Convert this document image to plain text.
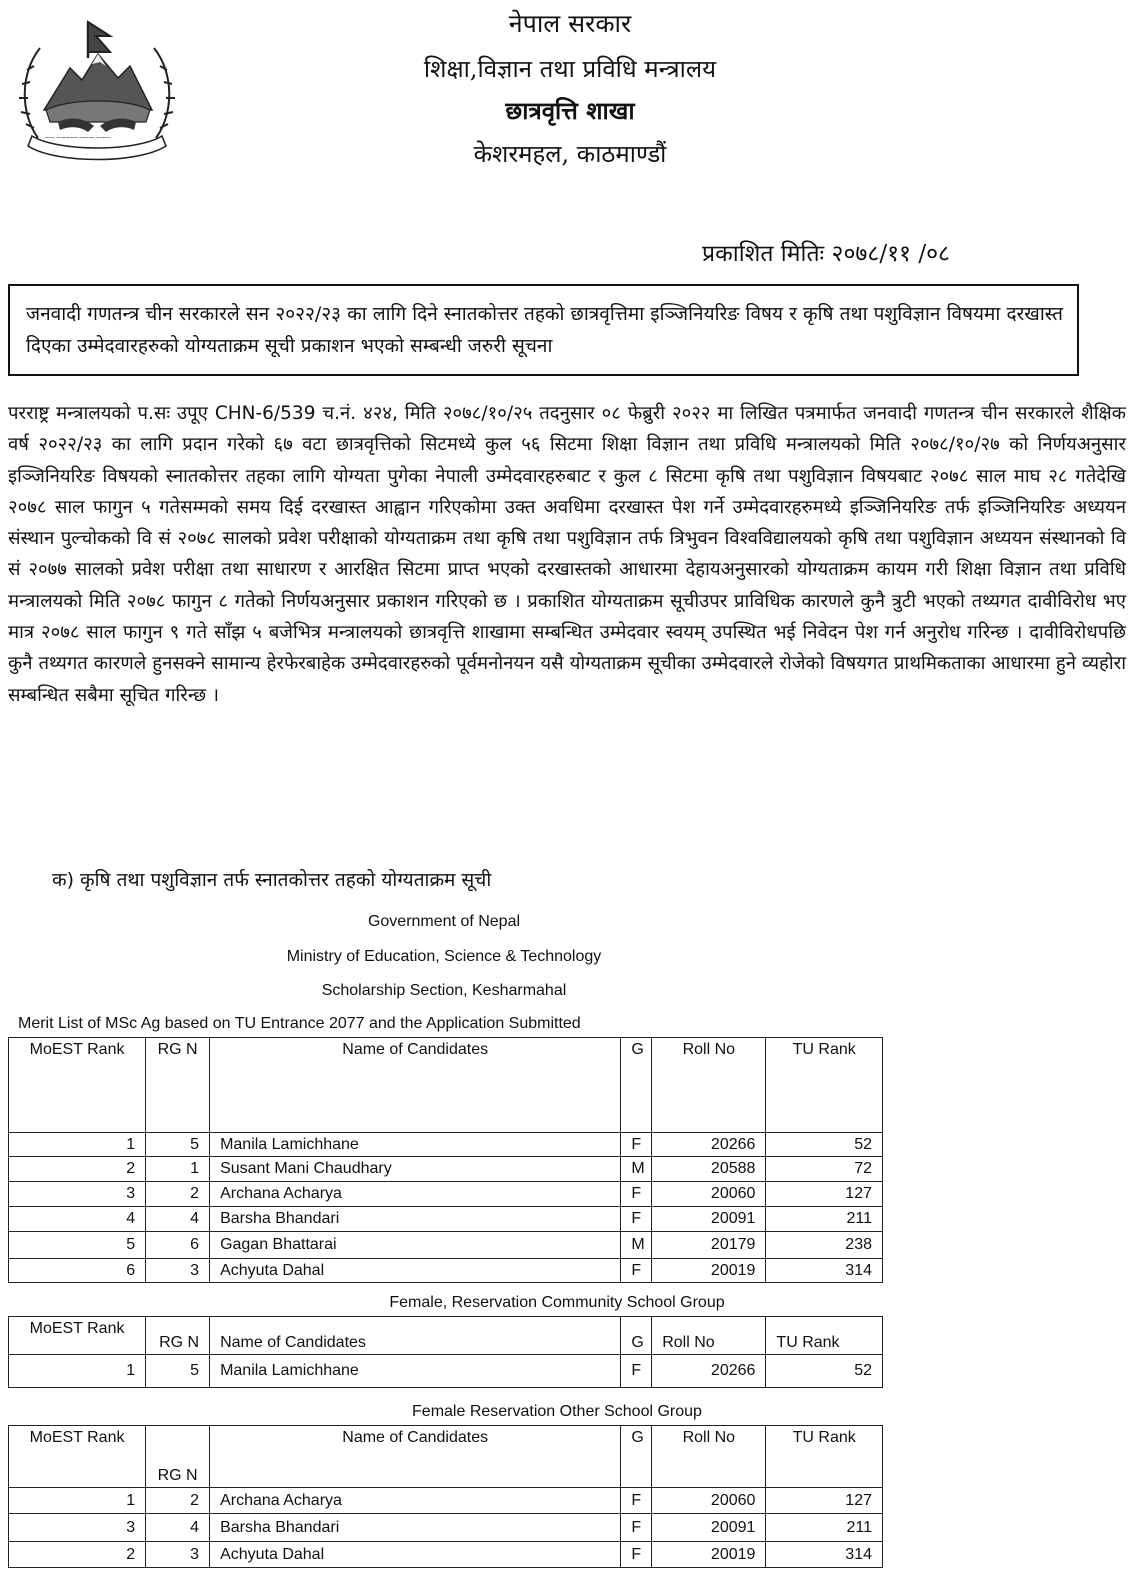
नेपाल सरकार
शिक्षा,विज्ञान तथा प्रविधि मन्त्रालय
छात्रवृत्ति शाखा
केशरमहल, काठमाण्डौं
प्रकाशित मितिः २०७८/११ /०८
जनवादी गणतन्त्र चीन सरकारले सन २०२२/२३ का लागि दिने स्नातकोत्तर तहको छात्रवृत्तिमा इञ्जिनियरिङ विषय र कृषि तथा पशुविज्ञान विषयमा दरखास्त दिएका उम्मेदवारहरुको योग्यताक्रम सूची प्रकाशन भएको सम्बन्धी जरुरी सूचना
परराष्ट्र मन्त्रालयको प.सः उपूए CHN-6/539 च.नं. ४२४, मिति २०७८/१०/२५ तदनुसार ०८ फेब्रुरी २०२२ मा लिखित पत्रमार्फत जनवादी गणतन्त्र चीन सरकारले शैक्षिक वर्ष २०२२/२३ का लागि प्रदान गरेको ६७ वटा छात्रवृत्तिको सिटमध्ये कुल ५६ सिटमा शिक्षा विज्ञान तथा प्रविधि मन्त्रालयको मिति २०७८/१०/२७ को निर्णयअनुसार इञ्जिनियरिङ विषयको स्नातकोत्तर तहका लागि योग्यता पुगेका नेपाली उम्मेदवारहरुबाट र कुल ८ सिटमा कृषि तथा पशुविज्ञान विषयबाट २०७८ साल माघ २८ गतेदेखि २०७८ साल फागुन ५ गतेसम्मको समय दिई दरखास्त आह्वान गरिएकोमा उक्त अवधिमा दरखास्त पेश गर्ने उम्मेदवारहरुमध्ये इञ्जिनियरिङ तर्फ इञ्जिनियरिङ अध्ययन संस्थान पुल्चोकको वि सं २०७८ सालको प्रवेश परीक्षाको योग्यताक्रम तथा कृषि तथा पशुविज्ञान तर्फ त्रिभुवन विश्वविद्यालयको कृषि तथा पशुविज्ञान अध्ययन संस्थानको वि सं २०७७ सालको प्रवेश परीक्षा तथा साधारण र आरक्षित सिटमा प्राप्त भएको दरखास्तको आधारमा देहायअनुसारको योग्यताक्रम कायम गरी शिक्षा विज्ञान तथा प्रविधि मन्त्रालयको मिति २०७८ फागुन ८ गतेको निर्णयअनुसार प्रकाशन गरिएको छ । प्रकाशित योग्यताक्रम सूचीउपर प्राविधिक कारणले कुनै त्रुटी भएको तथ्यगत दावीविरोध भए मात्र २०७८ साल फागुन ९ गते साँझ ५ बजेभित्र मन्त्रालयको छात्रवृत्ति शाखामा सम्बन्धित उम्मेदवार स्वयम् उपस्थित भई निवेदन पेश गर्न अनुरोध गरिन्छ । दावीविरोधपछि कुनै तथ्यगत कारणले हुनसक्ने सामान्य हेरफेरबाहेक उम्मेदवारहरुको पूर्वमनोनयन यसै योग्यताक्रम सूचीका उम्मेदवारले रोजेको विषयगत प्राथमिकताका आधारमा हुने व्यहोरा सम्बन्धित सबैमा सूचित गरिन्छ ।
क) कृषि तथा पशुविज्ञान तर्फ स्नातकोत्तर तहको योग्यताक्रम सूची
Government of Nepal
Ministry of Education, Science & Technology
Scholarship Section, Kesharmahal
Merit List of MSc Ag based on TU Entrance 2077 and the Application Submitted
MoEST Rank	RG N	Name of Candidates	G	Roll No	TU Rank
1	5	Manila Lamichhane	F	20266	52
2	1	Susant Mani Chaudhary	M	20588	72
3	2	Archana Acharya	F	20060	127
4	4	Barsha Bhandari	F	20091	211
5	6	Gagan Bhattarai	M	20179	238
6	3	Achyuta Dahal	F	20019	314
Female, Reservation Community School Group
MoEST Rank	RG N	Name of Candidates	G	Roll No	TU Rank
1	5	Manila Lamichhane	F	20266	52
Female Reservation Other School Group
MoEST Rank	RG N	Name of Candidates	G	Roll No	TU Rank
1	2	Archana Acharya	F	20060	127
3	4	Barsha Bhandari	F	20091	211
2	3	Achyuta Dahal	F	20019	314
